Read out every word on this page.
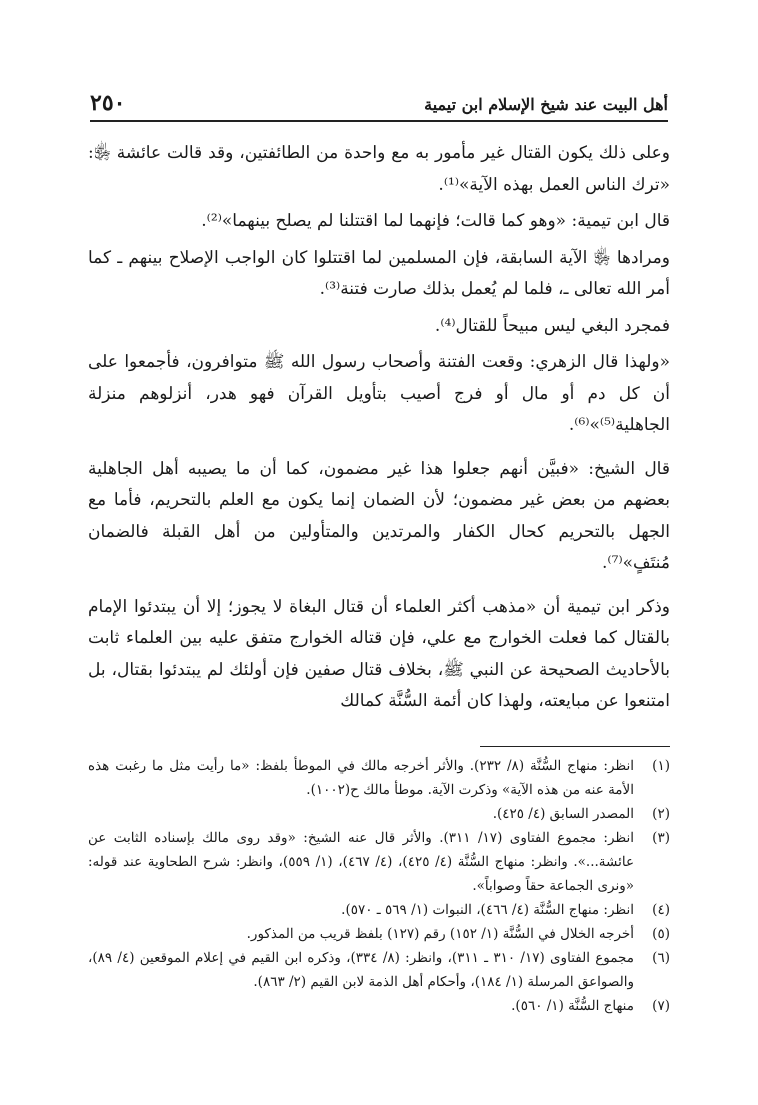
أهل البيت عند شيخ الإسلام ابن تيمية
٢٥٠

وعلى ذلك يكون القتال غير مأمور به مع واحدة من الطائفتين، وقد قالت عائشة ﵂: «ترك الناس العمل بهذه الآية»⁽¹⁾.

قال ابن تيمية: «وهو كما قالت؛ فإنهما لما اقتتلنا لم يصلح بينهما»⁽²⁾.

ومرادها ﵂ الآية السابقة، فإن المسلمين لما اقتتلوا كان الواجب الإصلاح بينهم ـ كما أمر الله تعالى ـ، فلما لم يُعمل بذلك صارت فتنة⁽³⁾.

فمجرد البغي ليس مبيحاً للقتال⁽⁴⁾.

«ولهذا قال الزهري: وقعت الفتنة وأصحاب رسول الله ﷺ متوافرون، فأجمعوا على أن كل دم أو مال أو فرج أصيب بتأويل القرآن فهو هدر، أنزلوهم منزلة الجاهلية⁽⁵⁾»⁽⁶⁾.

قال الشيخ: «فبيَّن أنهم جعلوا هذا غير مضمون، كما أن ما يصيبه أهل الجاهلية بعضهم من بعض غير مضمون؛ لأن الضمان إنما يكون مع العلم بالتحريم، فأما مع الجهل بالتحريم كحال الكفار والمرتدين والمتأولين من أهل القبلة فالضمان مُنتَفٍ»⁽⁷⁾.

وذكر ابن تيمية أن «مذهب أكثر العلماء أن قتال البغاة لا يجوز؛ إلا أن يبتدئوا الإمام بالقتال كما فعلت الخوارج مع علي، فإن قتاله الخوارج متفق عليه بين العلماء ثابت بالأحاديث الصحيحة عن النبي ﷺ، بخلاف قتال صفين فإن أولئك لم يبتدئوا بقتال، بل امتنعوا عن مبايعته، ولهذا كان أئمة السُّنَّة كمالك

(١)
انظر: منهاج السُّنَّة (٨/ ٢٣٢). والأثر أخرجه مالك في الموطأ بلفظ: «ما رأيت مثل ما رغبت هذه الأمة عنه من هذه الآية» وذكرت الآية. موطأ مالك ح(١٠٠٢).
(٢)
المصدر السابق (٤/ ٤٢٥).
(٣)
انظر: مجموع الفتاوى (١٧/ ٣١١). والأثر قال عنه الشيخ: «وقد روى مالك بإسناده الثابت عن عائشة...». وانظر: منهاج السُّنَّة (٤/ ٤٢٥)، (٤/ ٤٦٧)، (١/ ٥٥٩)، وانظر: شرح الطحاوية عند قوله: «ونرى الجماعة حقاً وصواباً».
(٤)
انظر: منهاج السُّنَّة (٤/ ٤٦٦)، النبوات (١/ ٥٦٩ ـ ٥٧٠).
(٥)
أخرجه الخلال في السُّنَّة (١/ ١٥٢) رقم (١٢٧) بلفظ قريب من المذكور.
(٦)
مجموع الفتاوى (١٧/ ٣١٠ ـ ٣١١)، وانظر: (٨/ ٣٣٤)، وذكره ابن القيم في إعلام الموقعين (٤/ ٨٩)، والصواعق المرسلة (١/ ١٨٤)، وأحكام أهل الذمة لابن القيم (٢/ ٨٦٣).
(٧)
منهاج السُّنَّة (١/ ٥٦٠).
